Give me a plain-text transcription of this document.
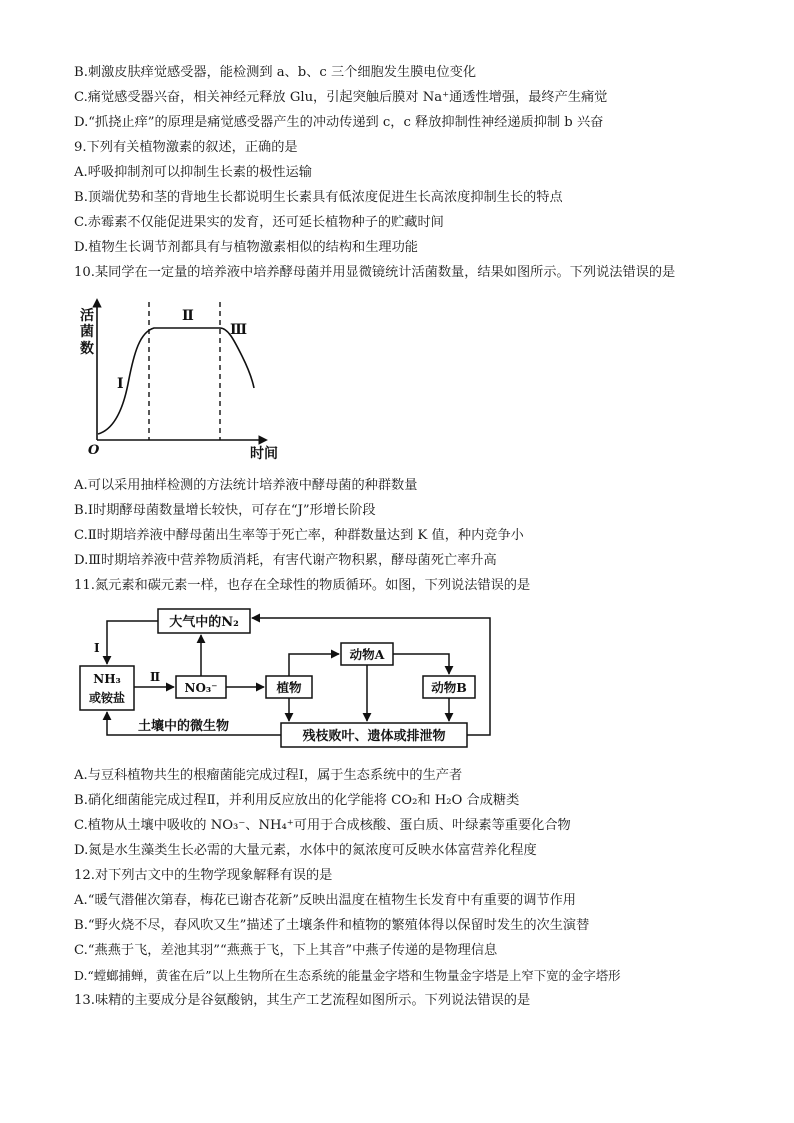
B.刺激皮肤痒觉感受器，能检测到 a、b、c 三个细胞发生膜电位变化
C.痛觉感受器兴奋，相关神经元释放 Glu，引起突触后膜对 Na⁺通透性增强，最终产生痛觉
D.“抓挠止痒”的原理是痛觉感受器产生的冲动传递到 c，c 释放抑制性神经递质抑制 b 兴奋
9.下列有关植物激素的叙述，正确的是
A.呼吸抑制剂可以抑制生长素的极性运输
B.顶端优势和茎的背地生长都说明生长素具有低浓度促进生长高浓度抑制生长的特点
C.赤霉素不仅能促进果实的发育，还可延长植物种子的贮藏时间
D.植物生长调节剂都具有与植物激素相似的结构和生理功能
10.某同学在一定量的培养液中培养酵母菌并用显微镜统计活菌数量，结果如图所示。下列说法错误的是
活
菌
数
O	时间
Ⅰ
Ⅱ
Ⅲ
A.可以采用抽样检测的方法统计培养液中酵母菌的种群数量
B.Ⅰ时期酵母菌数量增长较快，可存在“J”形增长阶段
C.Ⅱ时期培养液中酵母菌出生率等于死亡率，种群数量达到 K 值，种内竞争小
D.Ⅲ时期培养液中营养物质消耗，有害代谢产物积累，酵母菌死亡率升高
11.氮元素和碳元素一样，也存在全球性的物质循环。如图，下列说法错误的是
大气中的N₂
NH₃
或铵盐
NO₃⁻	植物
动物A
动物B
土壤中的微生物
残枝败叶、遗体或排泄物
Ⅰ
Ⅱ
A.与豆科植物共生的根瘤菌能完成过程Ⅰ，属于生态系统中的生产者
B.硝化细菌能完成过程Ⅱ，并利用反应放出的化学能将 CO₂和 H₂O 合成糖类
C.植物从土壤中吸收的 NO₃⁻、NH₄⁺可用于合成核酸、蛋白质、叶绿素等重要化合物
D.氮是水生藻类生长必需的大量元素，水体中的氮浓度可反映水体富营养化程度
12.对下列古文中的生物学现象解释有误的是
A.“暖气潜催次第春，梅花已谢杏花新”反映出温度在植物生长发育中有重要的调节作用
B.“野火烧不尽，春风吹又生”描述了土壤条件和植物的繁殖体得以保留时发生的次生演替
C.“燕燕于飞，差池其羽”“燕燕于飞，下上其音”中燕子传递的是物理信息
D.“螳螂捕蝉，黄雀在后”以上生物所在生态系统的能量金字塔和生物量金字塔是上窄下宽的金字塔形
13.味精的主要成分是谷氨酸钠，其生产工艺流程如图所示。下列说法错误的是
